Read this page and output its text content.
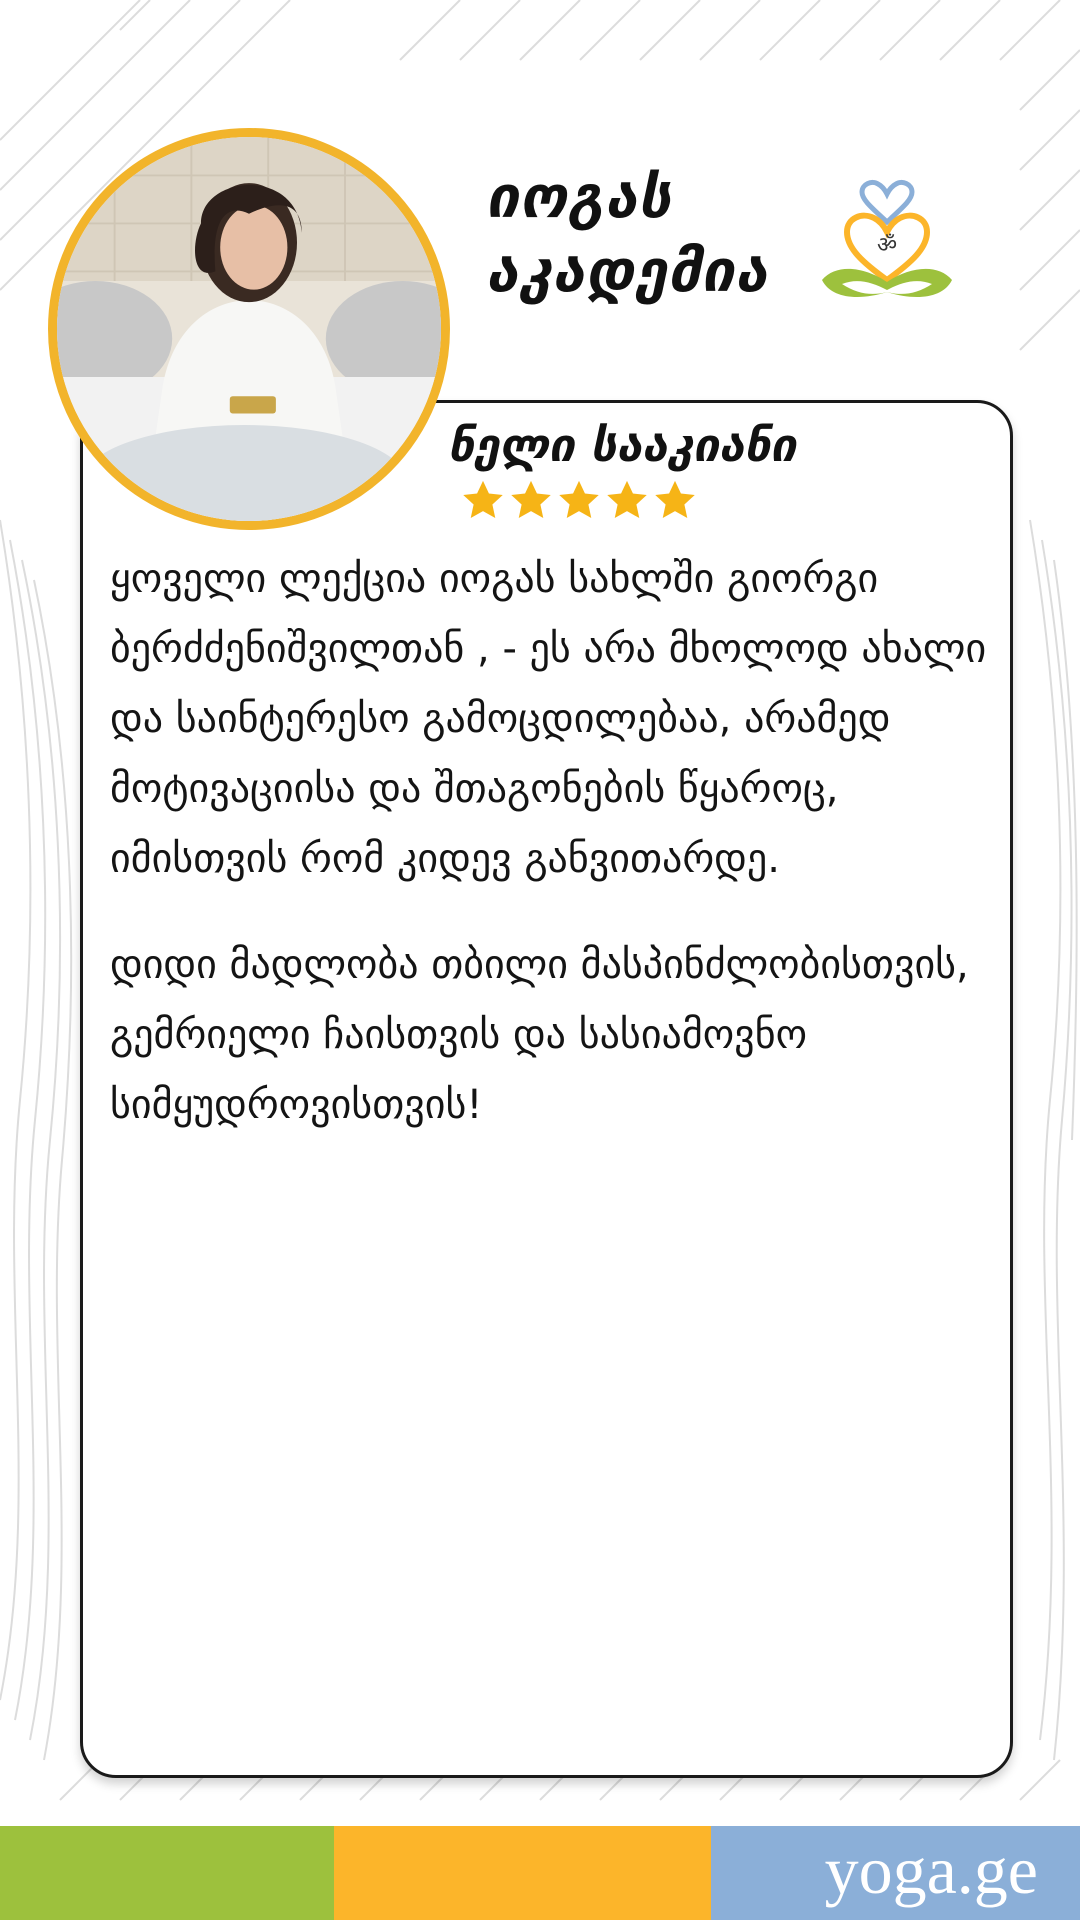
იოგას
აკადემია	ॐ
ნელი სააკიანი

ყოველი ლექცია იოგას სახლში გიორგი ბერძძენიშვილთან , - ეს არა მხოლოდ ახალი და საინტერესო გამოცდილებაა, არამედ მოტივაციისა და შთაგონების წყაროც, იმისთვის რომ კიდევ განვითარდე.

დიდი მადლობა თბილი მასპინძლობისთვის, გემრიელი ჩაისთვის და სასიამოვნო სიმყუდროვისთვის!

yoga.ge
